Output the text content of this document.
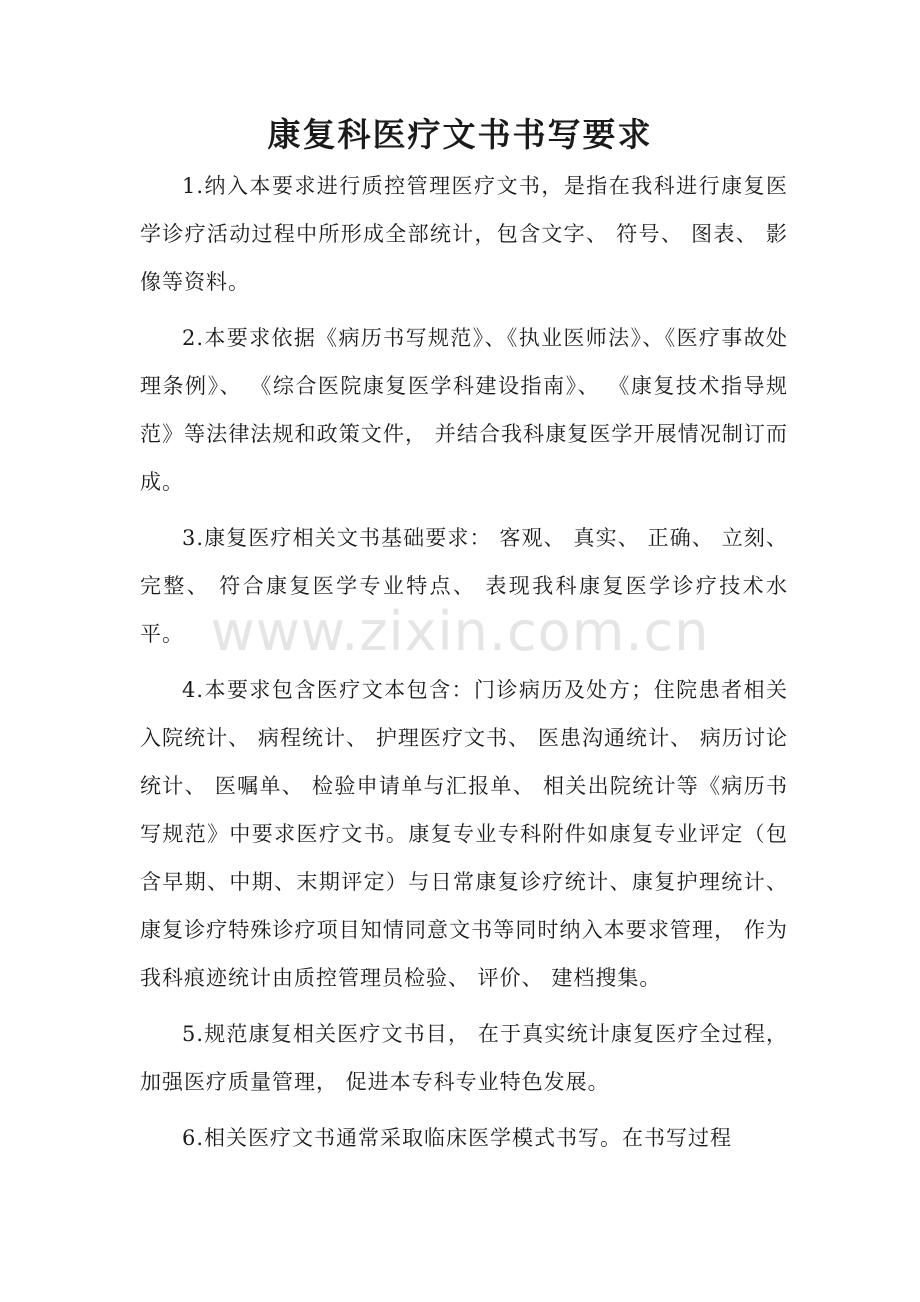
康复科医疗文书书写要求

1.纳入本要求进行质控管理医疗文书，是指在我科进行康复医学诊疗活动过程中所形成全部统计，包含文字、 符号、 图表、 影像等资料。

2.本要求依据《病历书写规范》、《执业医师法》、《医疗事故处理条例》、 《综合医院康复医学科建设指南》、 《康复技术指导规范》等法律法规和政策文件， 并结合我科康复医学开展情况制订而成。

3.康复医疗相关文书基础要求： 客观、 真实、 正确、 立刻、 完整、 符合康复医学专业特点、 表现我科康复医学诊疗技术水平。

4.本要求包含医疗文本包含：门诊病历及处方；住院患者相关入院统计、 病程统计、 护理医疗文书、 医患沟通统计、 病历讨论统计、 医嘱单、 检验申请单与汇报单、 相关出院统计等《病历书写规范》中要求医疗文书。康复专业专科附件如康复专业评定（包含早期、中期、末期评定）与日常康复诊疗统计、康复护理统计、康复诊疗特殊诊疗项目知情同意文书等同时纳入本要求管理， 作为我科痕迹统计由质控管理员检验、 评价、 建档搜集。

5.规范康复相关医疗文书目， 在于真实统计康复医疗全过程， 加强医疗质量管理， 促进本专科专业特色发展。

6.相关医疗文书通常采取临床医学模式书写。在书写过程

www.zixin.com.cn
